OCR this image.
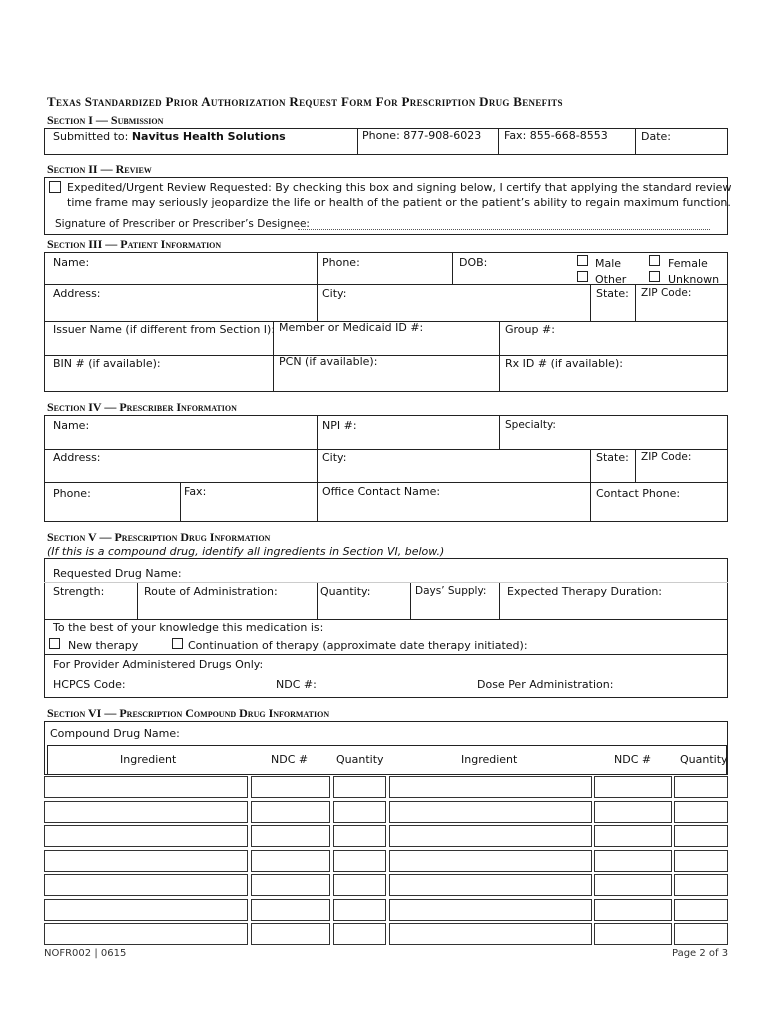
Texas Standardized Prior Authorization Request Form For Prescription Drug Benefits
Section I — Submission
Submitted to: Navitus Health Solutions	Phone: 877-908-6023 Fax: 855-668-8553	Date:
Section II — Review
Expedited/Urgent Review Requested: By checking this box and signing below, I certify that applying the standard review
time frame may seriously jeopardize the life or health of the patient or the patient’s ability to regain maximum function.
Signature of Prescriber or Prescriber’s Designee:
Section III — Patient Information
Name:	Phone:	DOB:	Male	Female
Other	Unknown
Address:	City:	State: ZIP Code:
Issuer Name (if different from Section I): Member or Medicaid ID #:	Group #:
BIN # (if available):	PCN (if available):	Rx ID # (if available):
Section IV — Prescriber Information
Name:	NPI #:	Specialty:
Address:	City:	State: ZIP Code:
Phone:	Fax:	Office Contact Name:	Contact Phone:
Section V — Prescription Drug Information
(If this is a compound drug, identify all ingredients in Section VI, below.)
Requested Drug Name:
Strength:	Route of Administration:	Quantity:	Days’ Supply: Expected Therapy Duration:
To the best of your knowledge this medication is:
New therapy	Continuation of therapy (approximate date therapy initiated):
For Provider Administered Drugs Only:
HCPCS Code:	NDC #:	Dose Per Administration:
Section VI — Prescription Compound Drug Information
Compound Drug Name:
Ingredient	NDC #	Quantity	Ingredient	NDC #	Quantity
NOFR002 | 0615	Page 2 of 3
